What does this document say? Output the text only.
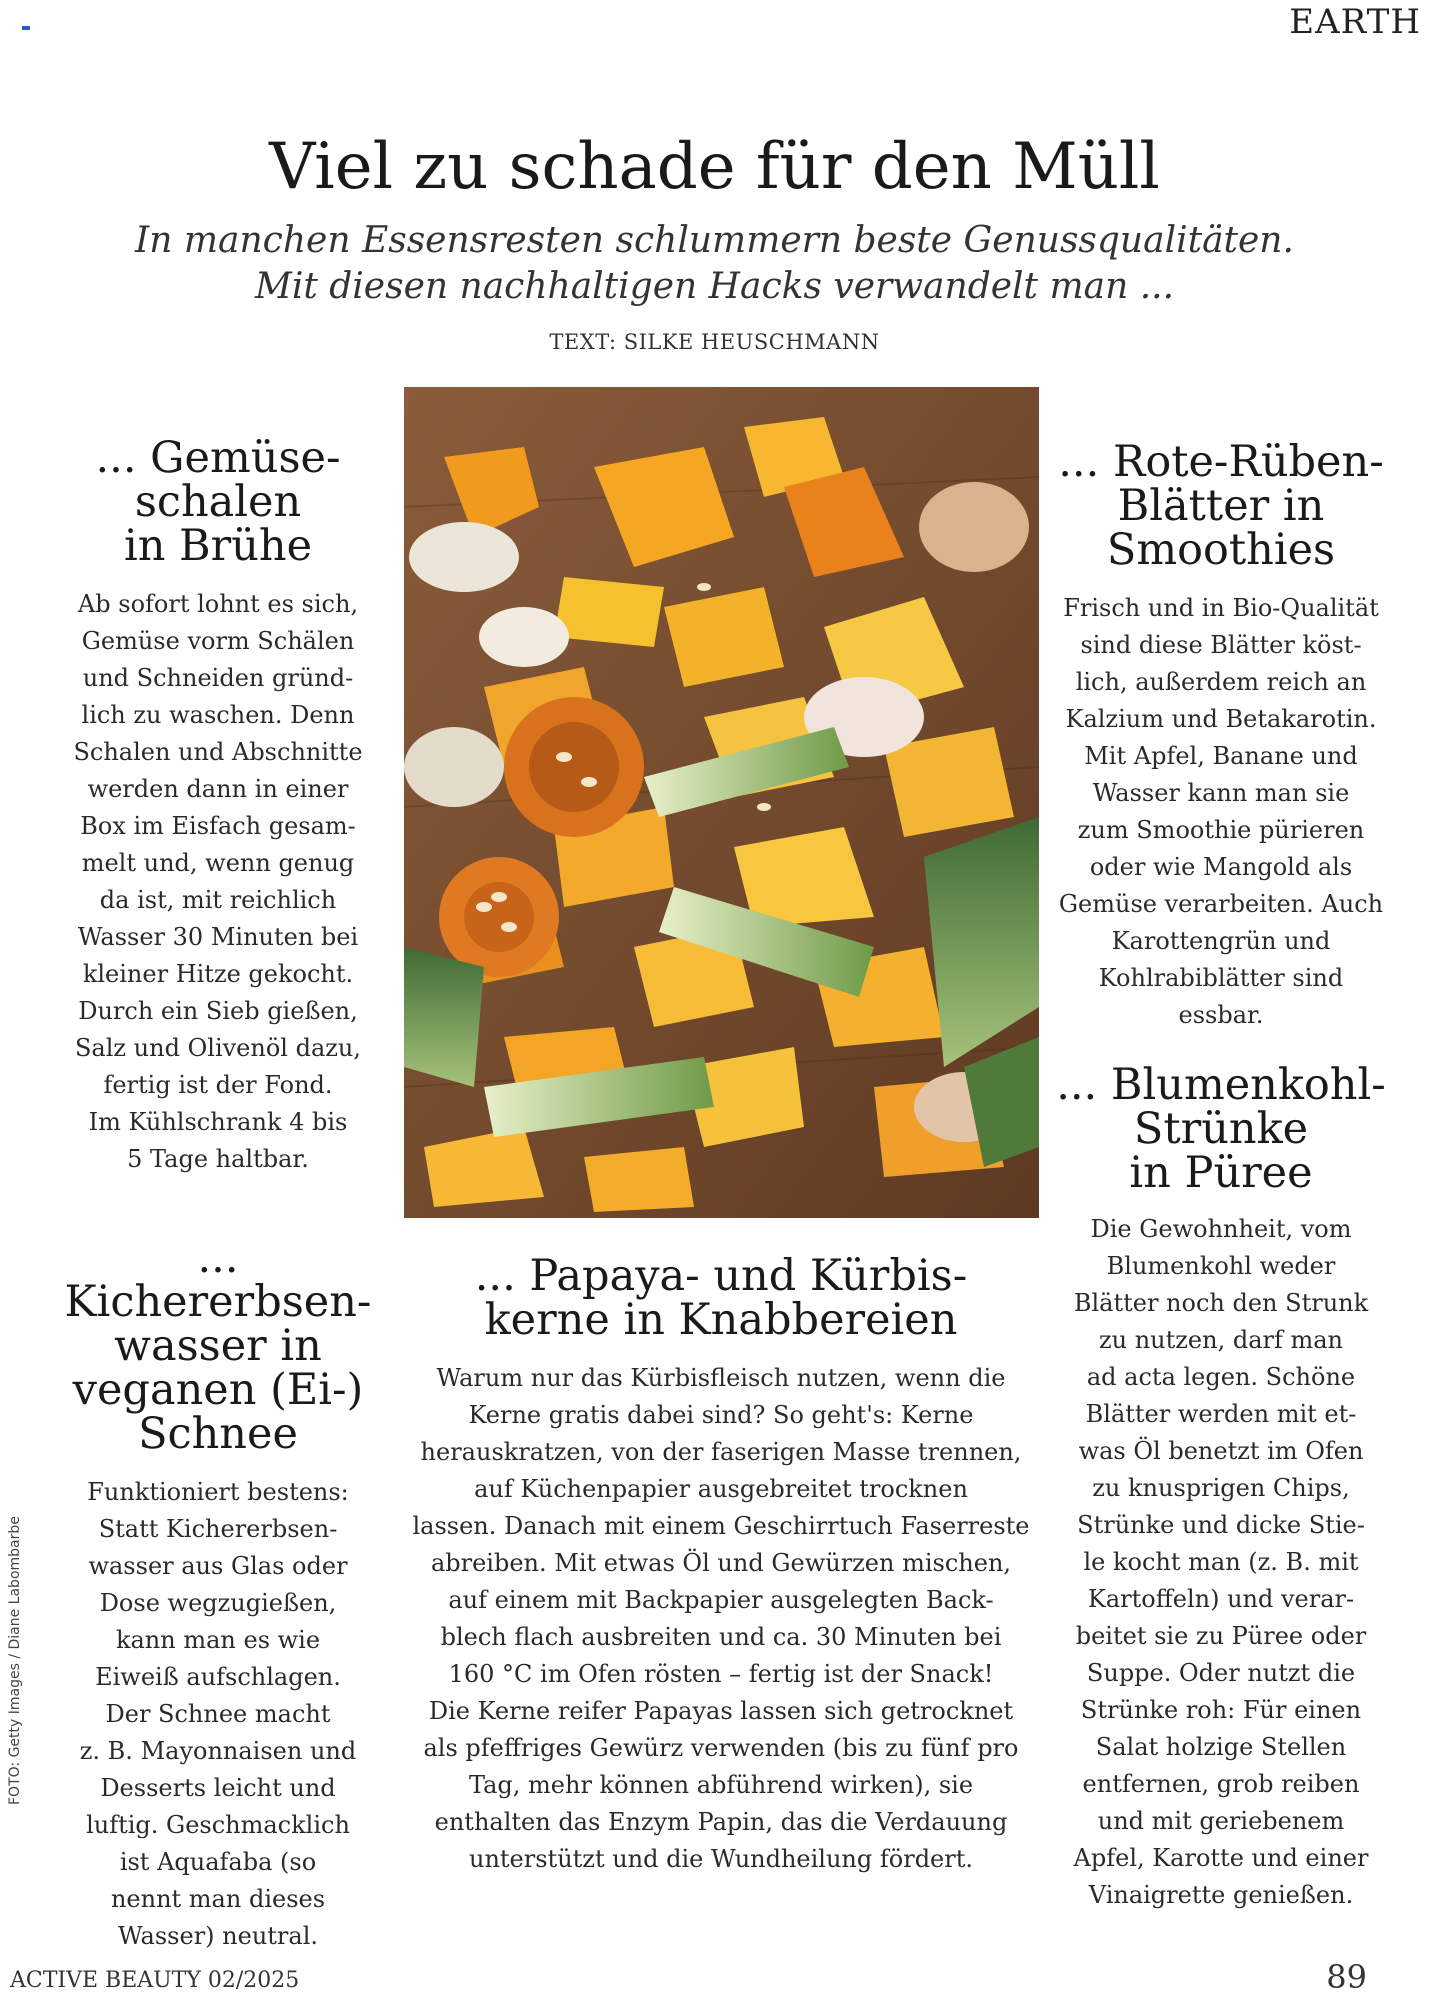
EARTH
Viel zu schade für den Müll
In manchen Essensresten schlummern beste Genussqualitäten.
Mit diesen nachhaltigen Hacks verwandelt man ...
TEXT: SILKE HEUSCHMANN
... Gemüse-
schalen
in Brühe
Ab sofort lohnt es sich,
Gemüse vorm Schälen
und Schneiden gründ-
lich zu waschen. Denn
Schalen und Abschnitte
werden dann in einer
Box im Eisfach gesam-
melt und, wenn genug
da ist, mit reichlich
Wasser 30 Minuten bei
kleiner Hitze gekocht.
Durch ein Sieb gießen,
Salz und Olivenöl dazu,
fertig ist der Fond.
Im Kühlschrank 4 bis
5 Tage haltbar.
... Kichererbsen-
wasser in
veganen (Ei-)
Schnee
Funktioniert bestens:
Statt Kichererbsen-
wasser aus Glas oder
Dose wegzugießen,
kann man es wie
Eiweiß aufschlagen.
Der Schnee macht
z. B. Mayonnaisen und
Desserts leicht und
luftig. Geschmacklich
ist Aquafaba (so
nennt man dieses
Wasser) neutral.
... Papaya- und Kürbis-
kerne in Knabbereien
Warum nur das Kürbisfleisch nutzen, wenn die
Kerne gratis dabei sind? So geht's: Kerne
herauskratzen, von der faserigen Masse trennen,
auf Küchenpapier ausgebreitet trocknen
lassen. Danach mit einem Geschirrtuch Faserreste
abreiben. Mit etwas Öl und Gewürzen mischen,
auf einem mit Backpapier ausgelegten Back-
blech flach ausbreiten und ca. 30 Minuten bei
160 °C im Ofen rösten – fertig ist der Snack!
Die Kerne reifer Papayas lassen sich getrocknet
als pfeffriges Gewürz verwenden (bis zu fünf pro
Tag, mehr können abführend wirken), sie
enthalten das Enzym Papin, das die Verdauung
unterstützt und die Wundheilung fördert.
... Rote-Rüben-
Blätter in
Smoothies
Frisch und in Bio-Qualität
sind diese Blätter köst-
lich, außerdem reich an
Kalzium und Betakarotin.
Mit Apfel, Banane und
Wasser kann man sie
zum Smoothie pürieren
oder wie Mangold als
Gemüse verarbeiten. Auch
Karottengrün und
Kohlrabiblätter sind essbar.
... Blumenkohl-
Strünke
in Püree
Die Gewohnheit, vom
Blumenkohl weder
Blätter noch den Strunk
zu nutzen, darf man
ad acta legen. Schöne
Blätter werden mit et-
was Öl benetzt im Ofen
zu knusprigen Chips,
Strünke und dicke Stie-
le kocht man (z. B. mit
Kartoffeln) und verar-
beitet sie zu Püree oder
Suppe. Oder nutzt die
Strünke roh: Für einen
Salat holzige Stellen
entfernen, grob reiben
und mit geriebenem
Apfel, Karotte und einer
Vinaigrette genießen.
FOTO: Getty Images / Diane Labombarbe
ACTIVE BEAUTY 02/2025	89
